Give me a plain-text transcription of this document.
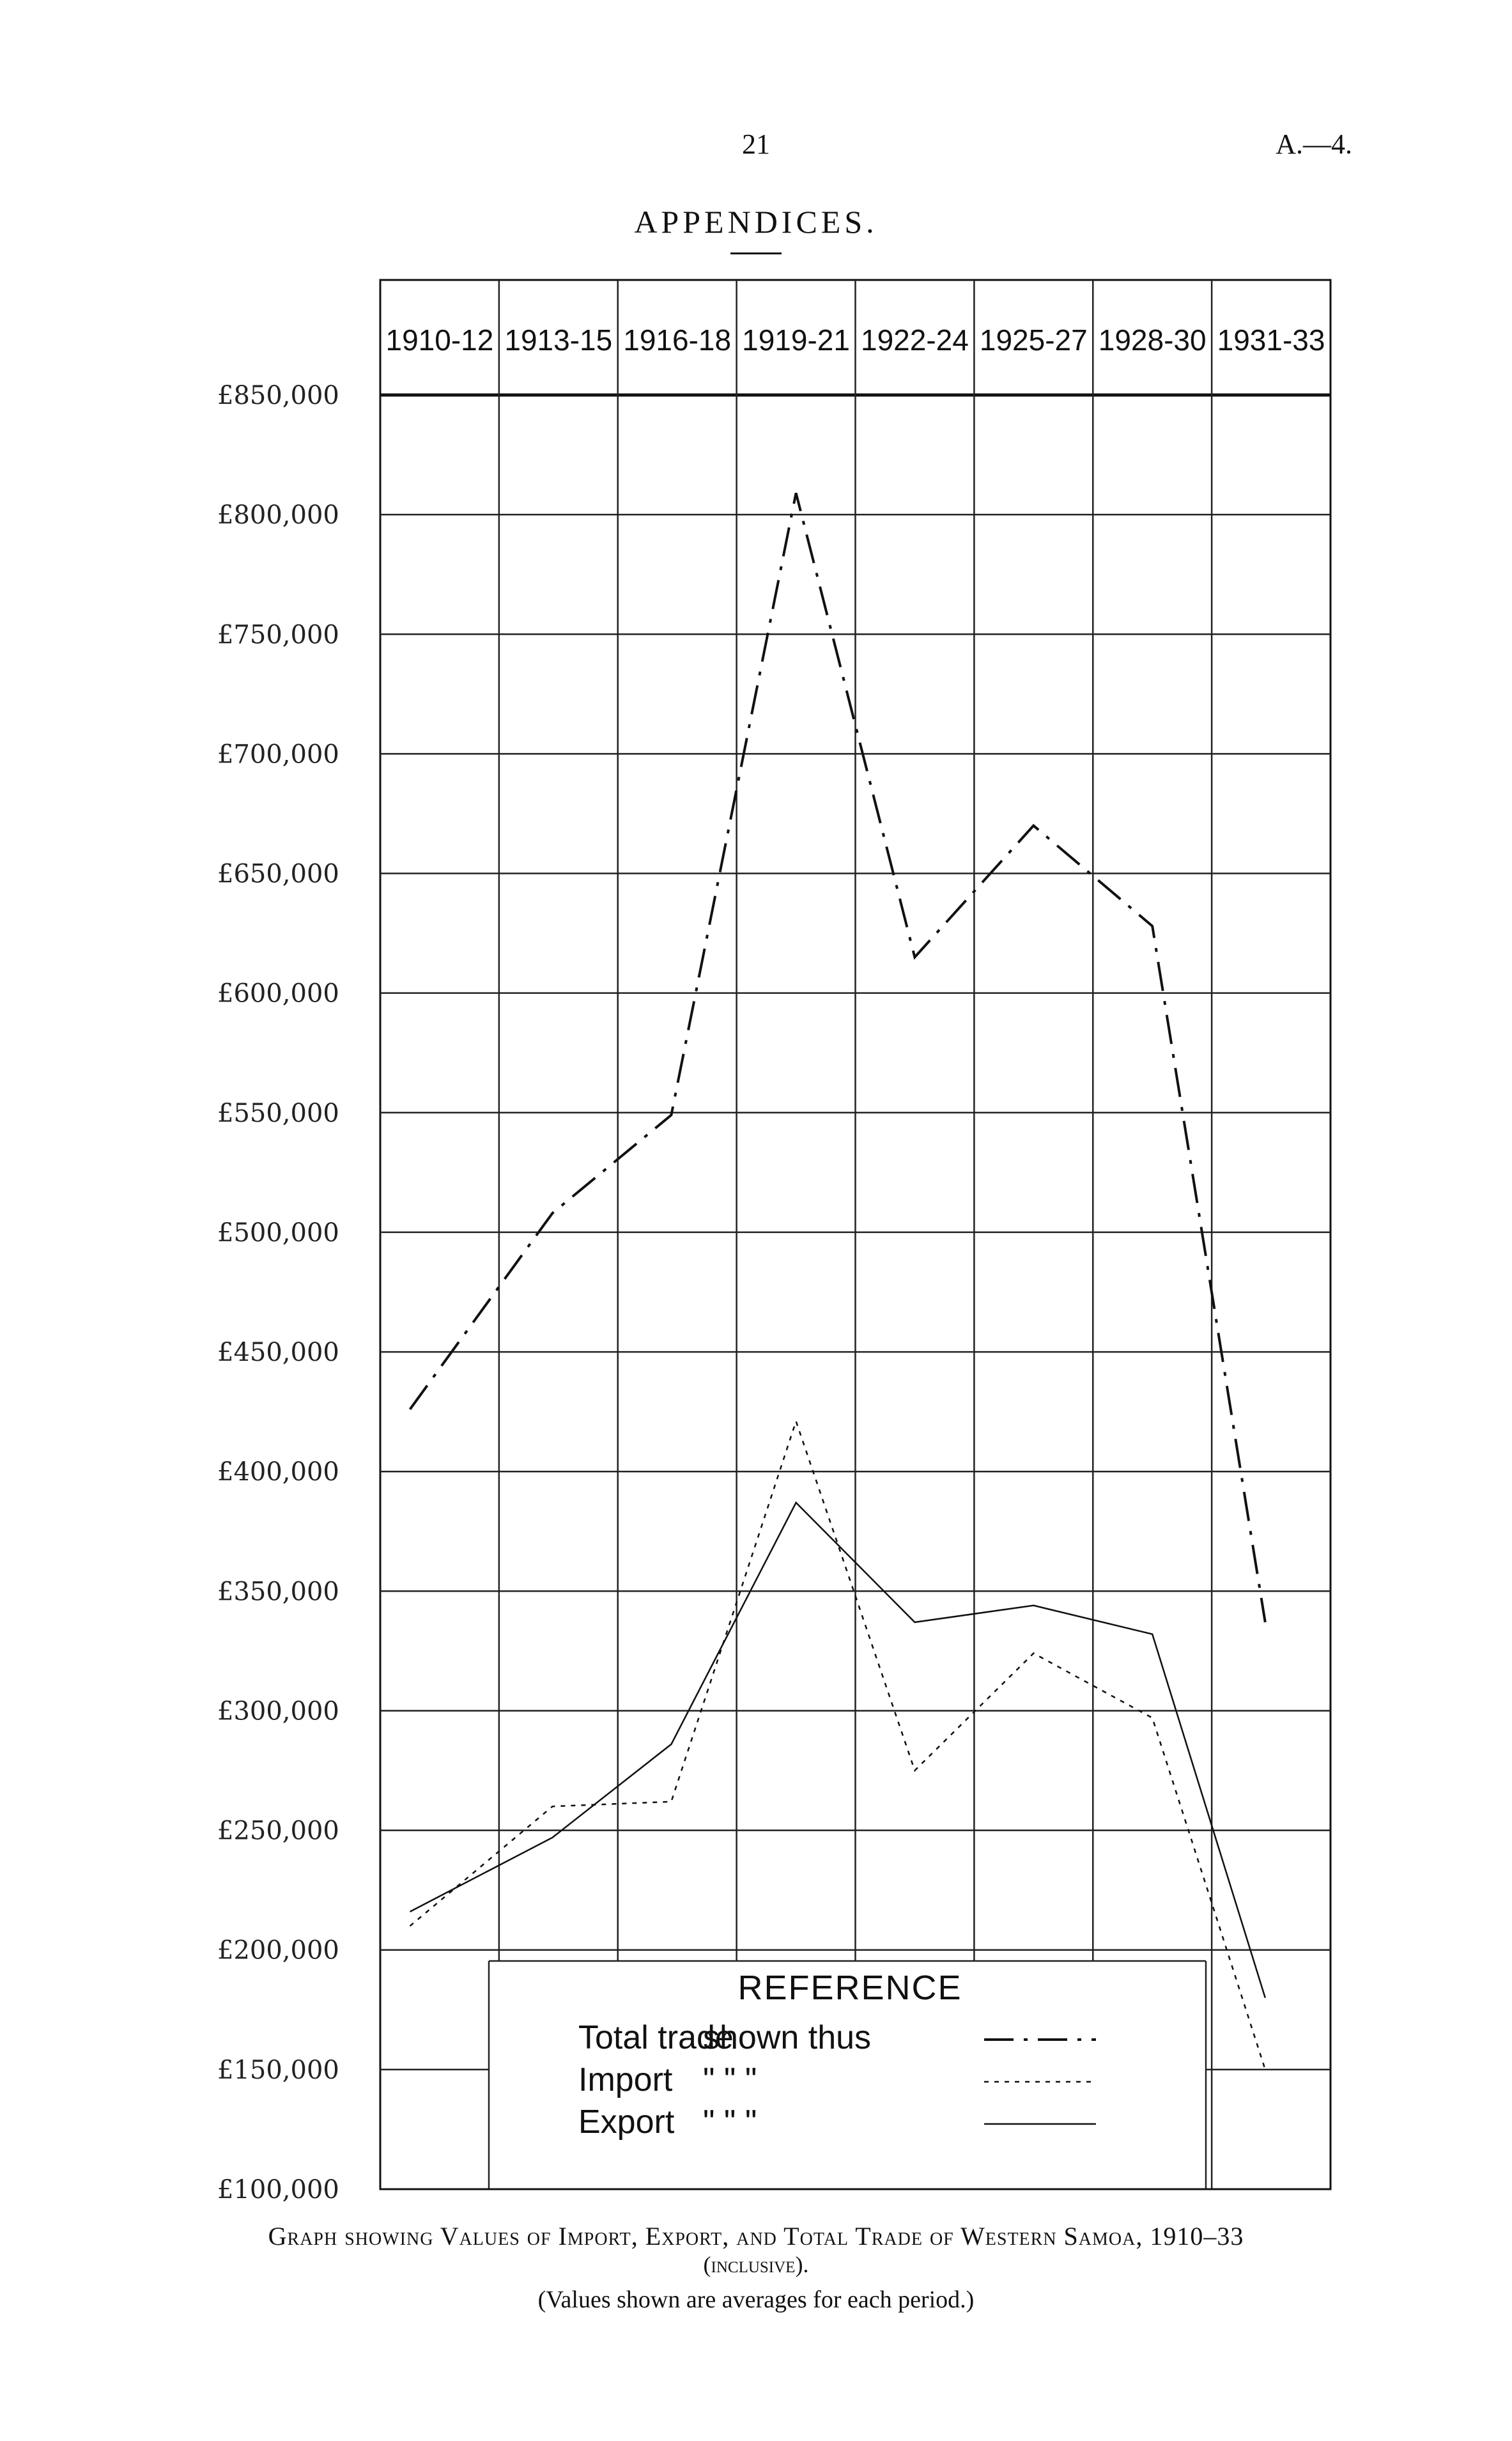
21	A.—4.
APPENDICES.
£850,000
£800,000
£750,000
£700,000
£650,000
£600,000
£550,000
£500,000
£450,000
£400,000
£350,000
£300,000
£250,000
£200,000
£150,000
£100,000
1910-12 1913-15 1916-18 1919-21 1922-24 1925-27 1928-30 1931-33
REFERENCE
Total trade
shown thus
Import " " "
Export " " "
Graph showing Values of Import, Export, and Total Trade of Western Samoa, 1910–33
(inclusive).
(Values shown are averages for each period.)
